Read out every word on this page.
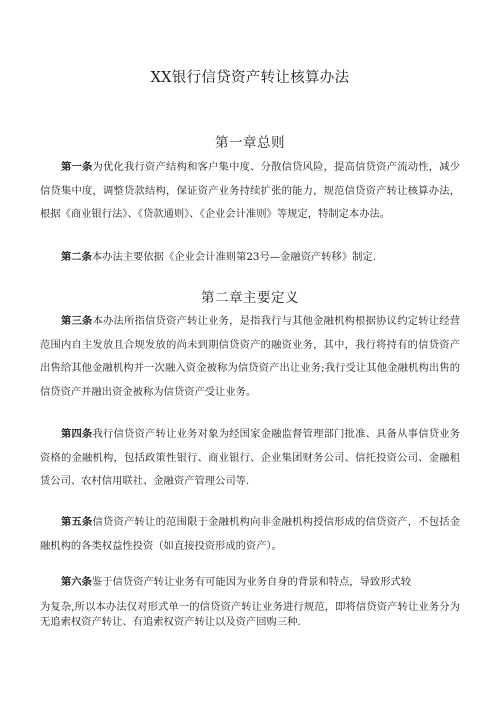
XX银行信贷资产转让核算办法
第一章总则

第一条为优化我行资产结构和客户集中度、分散信贷风险，提高信贷资产流动性，减少信贷集中度，调整贷款结构，保证资产业务持续扩张的能力，规范信贷资产转让核算办法，根据《商业银行法》、《贷款通则》、《企业会计准则》等规定，特制定本办法。

第二条本办法主要依据《企业会计准则第23号—金融资产转移》制定.

第二章主要定义

第三条本办法所指信贷资产转让业务，是指我行与其他金融机构根据协议约定转让经营范围内自主发放且合规发放的尚未到期信贷资产的融资业务，其中，我行将持有的信贷资产出售给其他金融机构并一次融入资金被称为信贷资产出让业务;我行受让其他金融机构出售的信贷资产并融出资金被称为信贷资产受让业务。

第四条我行信贷资产转让业务对象为经国家金融监督管理部门批准、具备从事信贷业务资格的金融机构，包括政策性银行、商业银行、企业集团财务公司、信托投资公司、金融租赁公司、农村信用联社、金融资产管理公司等.

第五条信贷资产转让的范围限于金融机构向非金融机构授信形成的信贷资产，不包括金融机构的各类权益性投资（如直接投资形成的资产）。

第六条鉴于信贷资产转让业务有可能因为业务自身的背景和特点，导致形式较

为复杂,所以本办法仅对形式单一的信贷资产转让业务进行规范，即将信贷资产转让业务分为无追索权资产转让、有追索权资产转让以及资产回购三种.
